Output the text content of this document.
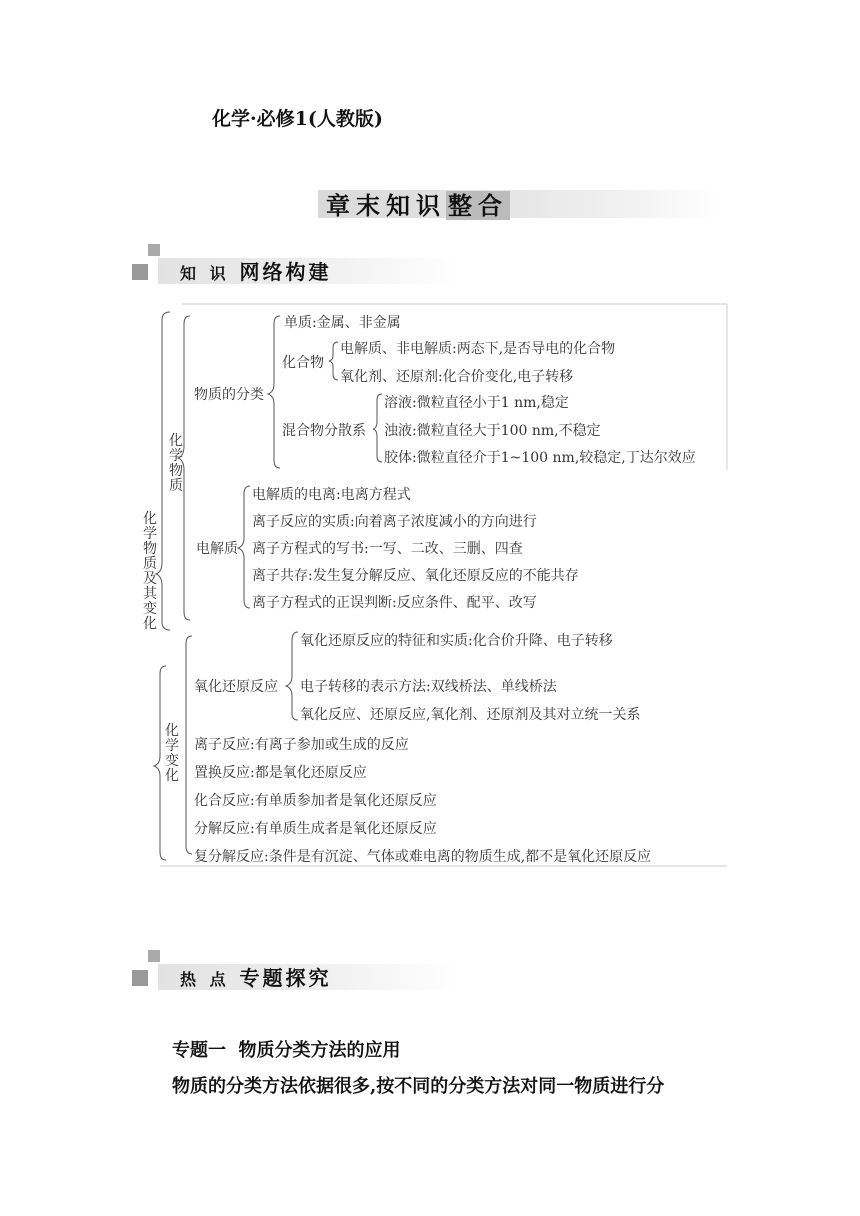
化学·必修1(人教版)
章末知识整合
知 识 网络构建
化学物质及其变化
化学物质
化学变化
物质的分类
单质:金属、非金属
化合物
电解质、非电解质:两态下,是否导电的化合物
氧化剂、还原剂:化合价变化,电子转移
混合物分散系
溶液:微粒直径小于1 nm,稳定
浊液:微粒直径大于100 nm,不稳定
胶体:微粒直径介于1~100 nm,较稳定,丁达尔效应
电解质
电解质的电离:电离方程式
离子反应的实质:向着离子浓度减小的方向进行
离子方程式的写书:一写、二改、三删、四查
离子共存:发生复分解反应、氧化还原反应的不能共存
离子方程式的正误判断:反应条件、配平、改写
氧化还原反应
氧化还原反应的特征和实质:化合价升降、电子转移
电子转移的表示方法:双线桥法、单线桥法
氧化反应、还原反应,氧化剂、还原剂及其对立统一关系
离子反应:有离子参加或生成的反应
置换反应:都是氧化还原反应
化合反应:有单质参加者是氧化还原反应
分解反应:有单质生成者是氧化还原反应
复分解反应:条件是有沉淀、气体或难电离的物质生成,都不是氧化还原反应
热 点 专题探究
专题一  物质分类方法的应用
物质的分类方法依据很多,按不同的分类方法对同一物质进行分
